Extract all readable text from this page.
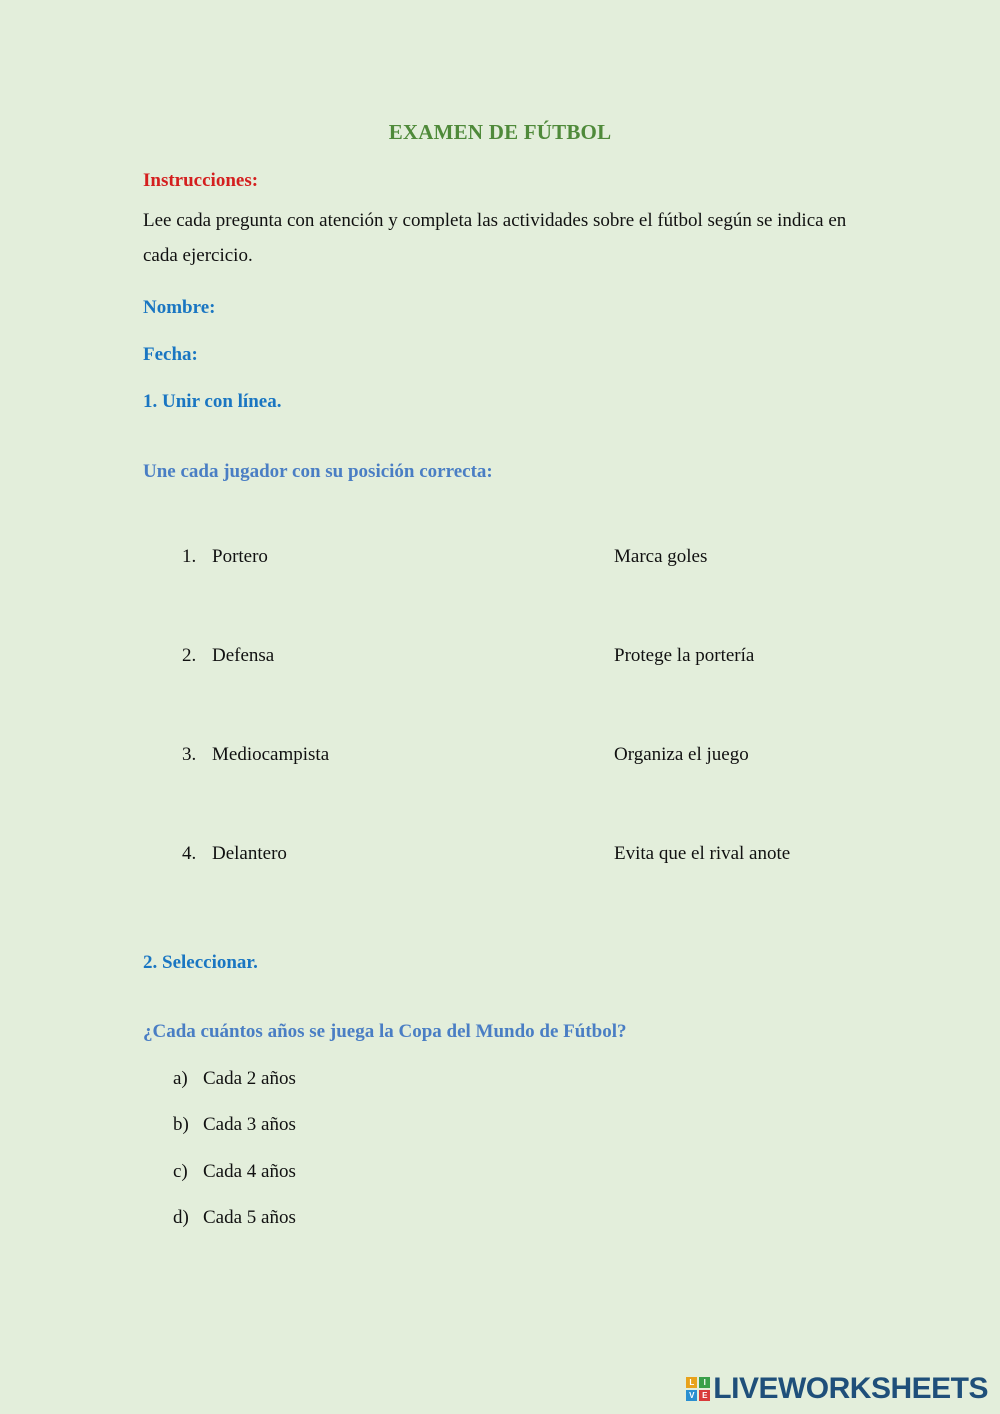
EXAMEN DE FÚTBOL
Instrucciones:
Lee cada pregunta con atención y completa las actividades sobre el fútbol según se indica en cada ejercicio.
Nombre:
Fecha:
1. Unir con línea.
Une cada jugador con su posición correcta:
1. Portero
2. Defensa
3. Mediocampista
4. Delantero
Marca goles
Protege la portería
Organiza el juego
Evita que el rival anote
2. Seleccionar.
¿Cada cuántos años se juega la Copa del Mundo de Fútbol?
a) Cada 2 años
b) Cada 3 años
c) Cada 4 años
d) Cada 5 años
L	I
V E LIVEWORKSHEETS
